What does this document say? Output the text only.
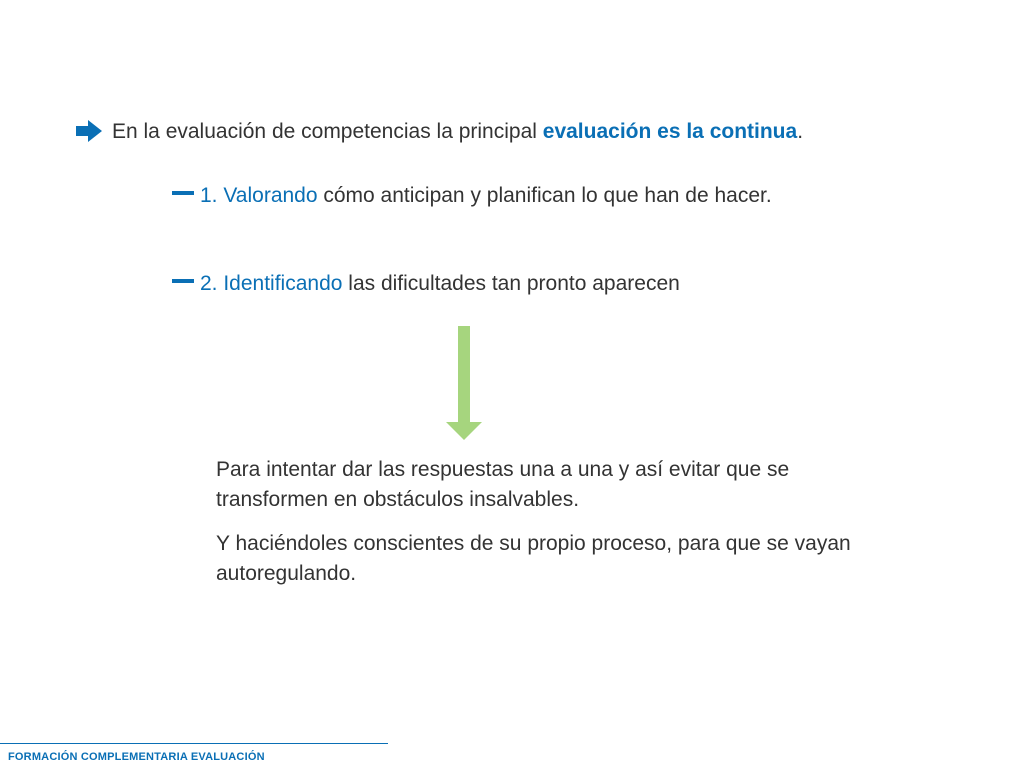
En la evaluación de competencias la principal evaluación es la continua.
1. Valorando cómo anticipan y planifican lo que han de hacer.
2. Identificando las dificultades tan pronto aparecen

Para intentar dar las respuestas una a una y así evitar que se transformen en obstáculos insalvables.

Y haciéndoles conscientes de su propio proceso, para que se vayan autoregulando.

FORMACIÓN COMPLEMENTARIA EVALUACIÓN
